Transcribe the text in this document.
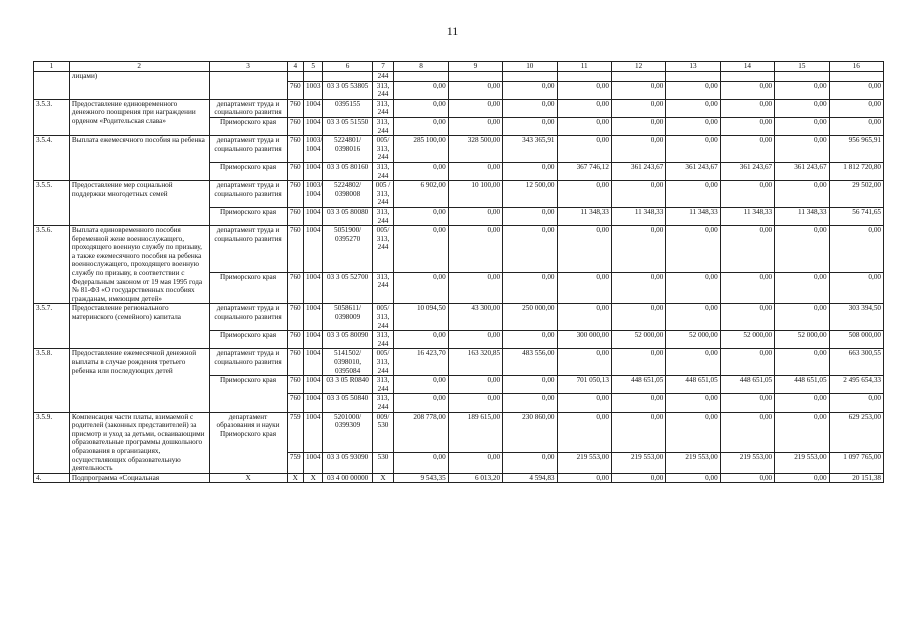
11
1	2	3	4	5	6	7	8	9	10	11	12	13	14	15	16
	лицами)					244									
			760	1003	03 3 05 53805	313, 244	0,00	0,00	0,00	0,00	0,00	0,00	0,00	0,00	0,00
3.5.3.	Предоставление единовременного денежного поощрения при награждении орденом «Родительская слава»	департамент труда и социального развития	760	1004	0395155	313, 244	0,00	0,00	0,00	0,00	0,00	0,00	0,00	0,00	0,00
		Приморского края	760	1004	03 3 05 51550	313, 244	0,00	0,00	0,00	0,00	0,00	0,00	0,00	0,00	0,00
3.5.4.	Выплата ежемесячного пособия на ребенка	департамент труда и социального развития	760	1003/ 1004	5224801/ 0398016	005/ 313, 244	285 100,00	328 500,00	343 365,91	0,00	0,00	0,00	0,00	0,00	956 965,91
		Приморского края	760	1004	03 3 05 80160	313, 244	0,00	0,00	0,00	367 746,12	361 243,67	361 243,67	361 243,67	361 243,67	1 812 720,80
3.5.5.	Предоставление мер социальной поддержки многодетных семей	департамент труда и социального развития	760	1003/ 1004	5224802/ 0398008	005 / 313, 244	6 902,00	10 100,00	12 500,00	0,00	0,00	0,00	0,00	0,00	29 502,00
		Приморского края	760	1004	03 3 05 80080	313, 244	0,00	0,00	0,00	11 348,33	11 348,33	11 348,33	11 348,33	11 348,33	56 741,65
3.5.6.	Выплата единовременного пособия беременной жене военнослужащего, проходящего военную службу по призыву, а также ежемесячного пособия на ребенка военнослужащего, проходящего военную службу по призыву, в соответствии с Федеральным законом от 19 мая 1995 года № 81-ФЗ «О государственных пособиях гражданам, имеющим детей»	департамент труда и социального развития	760	1004	5051900/ 0395270	005/ 313, 244	0,00	0,00	0,00	0,00	0,00	0,00	0,00	0,00	0,00
		Приморского края	760	1004	03 3 05 52700	313, 244	0,00	0,00	0,00	0,00	0,00	0,00	0,00	0,00	0,00
3.5.7.	Предоставление регионального материнского (семейного) капитала	департамент труда и социального развития	760	1004	5058611/ 0398009	005/ 313, 244	10 094,50	43 300,00	250 000,00	0,00	0,00	0,00	0,00	0,00	303 394,50
		Приморского края	760	1004	03 3 05 80090	313, 244	0,00	0,00	0,00	300 000,00	52 000,00	52 000,00	52 000,00	52 000,00	508 000,00
3.5.8.	Предоставление ежемесячной денежной выплаты в случае рождения третьего ребенка или последующих детей	департамент труда и социального развития	760	1004	5141502/ 0398010, 0395084	005/ 313, 244	16 423,70	163 320,85	483 556,00	0,00	0,00	0,00	0,00	0,00	663 300,55
		Приморского края	760	1004	03 3 05 R0840	313, 244	0,00	0,00	0,00	701 050,13	448 651,05	448 651,05	448 651,05	448 651,05	2 495 654,33
			760	1004	03 3 05 50840	313, 244	0,00	0,00	0,00	0,00	0,00	0,00	0,00	0,00	0,00
3.5.9.	Компенсация части платы, взимаемой с родителей (законных представителей) за присмотр и уход за детьми, осваивающими образовательные программы дошкольного образования в организациях, осуществляющих образовательную деятельность	департамент образования и науки Приморского края	759	1004	5201000/ 0399309	009/ 530	208 778,00	189 615,00	230 860,00	0,00	0,00	0,00	0,00	0,00	629 253,00
			759	1004	03 3 05 93090	530	0,00	0,00	0,00	219 553,00	219 553,00	219 553,00	219 553,00	219 553,00	1 097 765,00
4.	Подпрограмма «Социальная	X	X	X	03 4 00 00000	X	9 543,35	6 013,20	4 594,83	0,00	0,00	0,00	0,00	0,00	20 151,38
